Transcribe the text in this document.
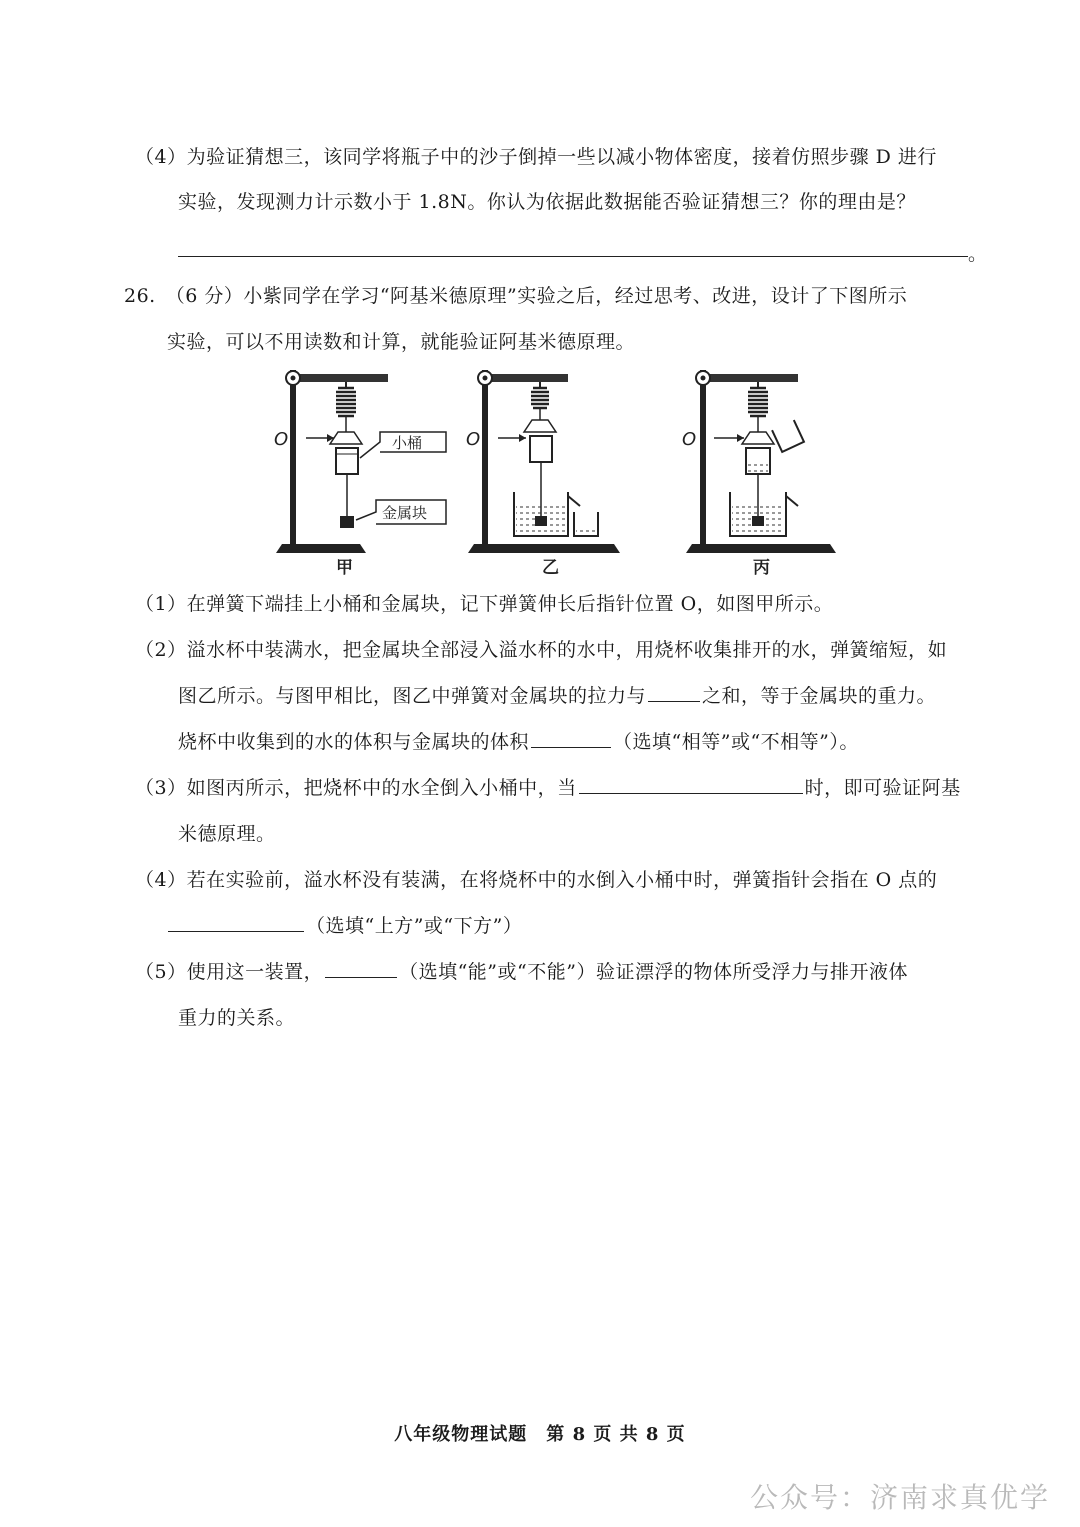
（4）为验证猜想三，该同学将瓶子中的沙子倒掉一些以减小物体密度，接着仿照步骤 D 进行
实验，发现测力计示数小于 1.8N。你认为依据此数据能否验证猜想三？你的理由是？
。
26.　（6 分）小紫同学在学习“阿基米德原理”实验之后，经过思考、改进，设计了下图所示
实验，可以不用读数和计算，就能验证阿基米德原理。
O	小桶
金属块
甲
O
乙
O
丙
（1）在弹簧下端挂上小桶和金属块，记下弹簧伸长后指针位置 O，如图甲所示。
（2）溢水杯中装满水，把金属块全部浸入溢水杯的水中，用烧杯收集排开的水，弹簧缩短，如
图乙所示。与图甲相比，图乙中弹簧对金属块的拉力与	之和，等于金属块的重力。
烧杯中收集到的水的体积与金属块的体积	（选填“相等”或“不相等”）。
（3）如图丙所示，把烧杯中的水全倒入小桶中，当	时，即可验证阿基
米德原理。
（4）若在实验前，溢水杯没有装满，在将烧杯中的水倒入小桶中时，弹簧指针会指在 O 点的
（选填“上方”或“下方”）
（5）使用这一装置，	（选填“能”或“不能”）验证漂浮的物体所受浮力与排开液体
重力的关系。
八年级物理试题　第 8 页 共 8 页
公众号：济南求真优学
